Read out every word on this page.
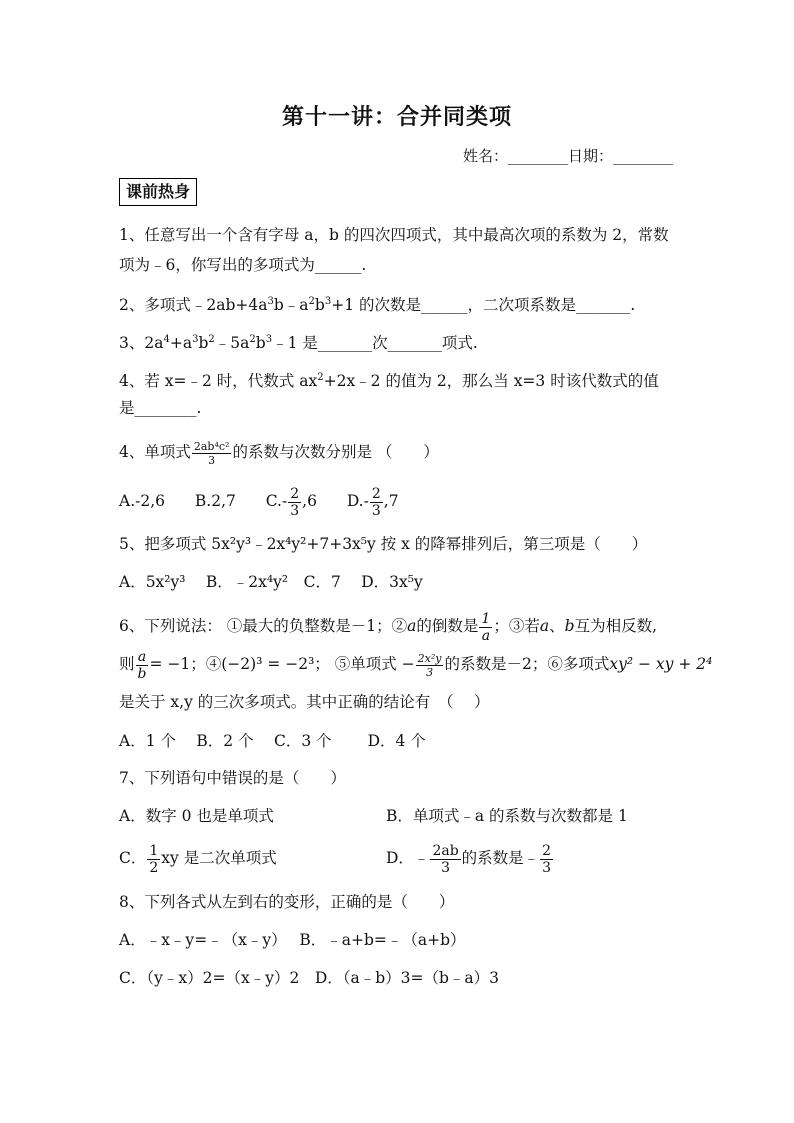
第十一讲：合并同类项
姓名：________日期：________
课前热身
1、任意写出一个含有字母 a，b 的四次四项式，其中最高次项的系数为 2，常数
项为﹣6，你写出的多项式为______.
2、多项式$﹣2ab+4a^3b﹣a^2b^3+1$ 的次数是______，二次项系数是_______.
3、$2a^4+a^3b^2﹣5a^2b^3﹣1$ 是_______次_______项式.
4、若 x=﹣2 时，代数式 $ax^2+2x﹣2$ 的值为 2，那么当 x=3 时该代数式的值
是________.
4、单项式 $\frac{\text{2ab⁴c²}}{3}$ 的系数与次数分别是 （　　）
A.-2,6 B.2,7 $C.- \frac{2}{3} ,6$ $D.- \frac{2}{3} ,7$
5、把多项式 5x²y³﹣2x⁴y²+7+3x⁵y 按 x 的降幂排列后，第三项是（　　）
A．5x²y³　 B．﹣2x⁴y²　C．7　 D．3x⁵y
6、下列说法： ①最大的负整数是－1；②a的倒数是 $\frac{1}{a}$ ；③若a、b互为相反数,
则 $\frac{a}{b} = -1$；④(−2)³ = −2³； ⑤单项式 − $\frac{\text{2x²y}}{3}$ 的系数是－2；⑥多项式xy² − xy + 2⁴
是关于 x,y 的三次多项式。其中正确的结论有　（　 ）
A．1 个　 B．2 个　 C．3 个　　 D．4 个
7、下列语句中错误的是（　　）
A．数字 0 也是单项式	B．单项式﹣a 的系数与次数都是 1
C． $\frac{1}{2}$ xy 是二次单项式	D．﹣ $\frac{2ab}{3}$ 的系数是﹣ $\frac{2}{3}$
8、下列各式从左到右的变形，正确的是（　　）
A．﹣x﹣y=﹣（x﹣y）　 B．﹣a+b=﹣（a+b）
C．（y﹣x）2=（x﹣y）2　D．（a﹣b）3=（b﹣a）3
